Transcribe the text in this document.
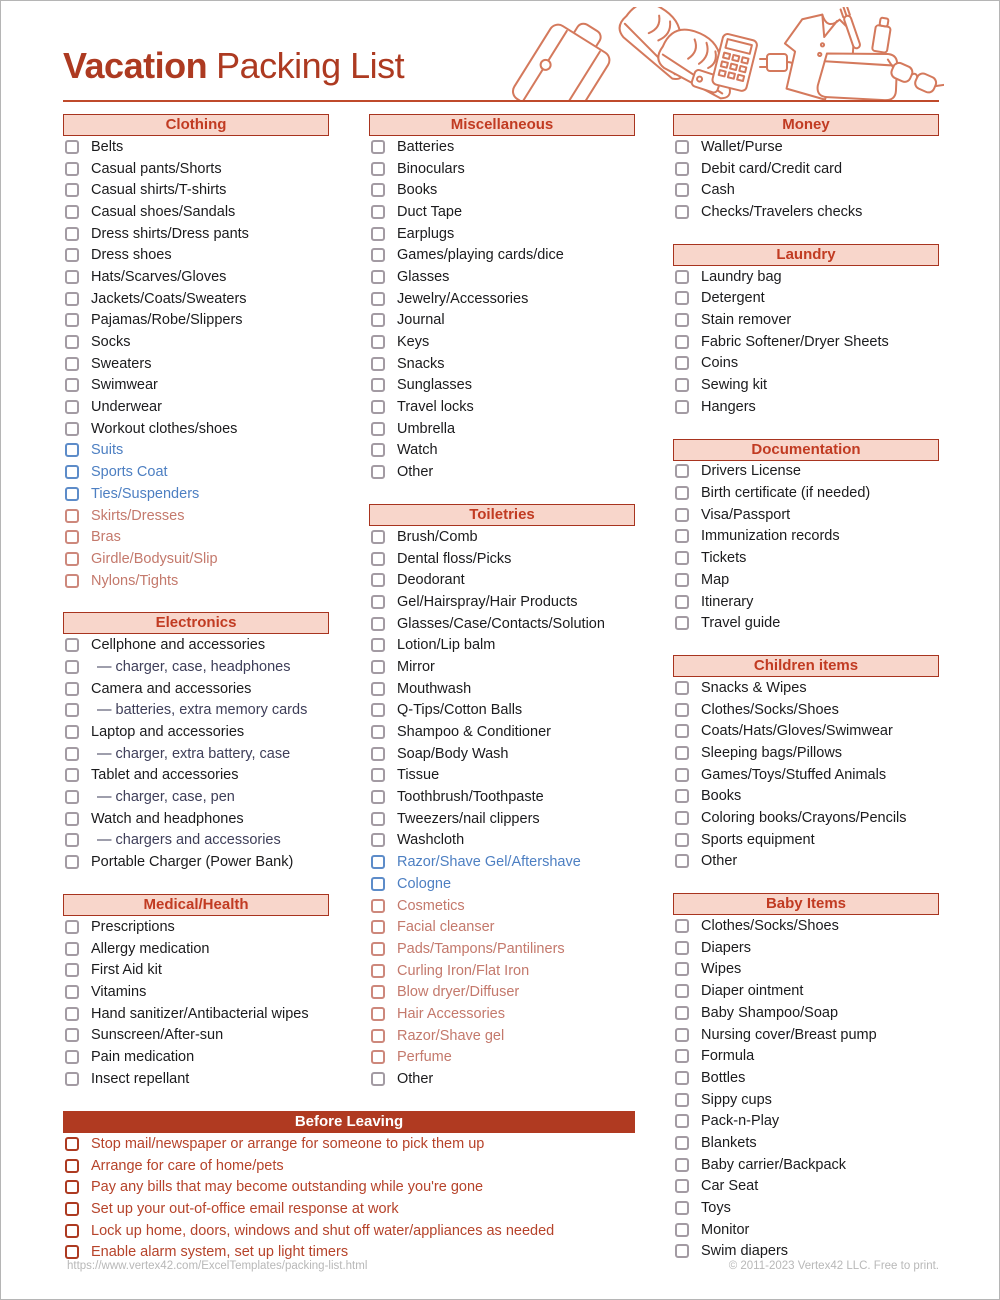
Vacation Packing List
Clothing
Belts
Casual pants/Shorts
Casual shirts/T-shirts
Casual shoes/Sandals
Dress shirts/Dress pants
Dress shoes
Hats/Scarves/Gloves
Jackets/Coats/Sweaters
Pajamas/Robe/Slippers
Socks
Sweaters
Swimwear
Underwear
Workout clothes/shoes
Suits
Sports Coat
Ties/Suspenders
Skirts/Dresses
Bras
Girdle/Bodysuit/Slip
Nylons/Tights
Electronics
Cellphone and accessories
— charger, case, headphones
Camera and accessories
— batteries, extra memory cards
Laptop and accessories
— charger, extra battery, case
Tablet and accessories
— charger, case, pen
Watch and headphones
— chargers and accessories
Portable Charger (Power Bank)
Medical/Health
Prescriptions
Allergy medication
First Aid kit
Vitamins
Hand sanitizer/Antibacterial wipes
Sunscreen/After-sun
Pain medication
Insect repellant
Miscellaneous
Batteries
Binoculars
Books
Duct Tape
Earplugs
Games/playing cards/dice
Glasses
Jewelry/Accessories
Journal
Keys
Snacks
Sunglasses
Travel locks
Umbrella
Watch
Other
Toiletries
Brush/Comb
Dental floss/Picks
Deodorant
Gel/Hairspray/Hair Products
Glasses/Case/Contacts/Solution
Lotion/Lip balm
Mirror
Mouthwash
Q-Tips/Cotton Balls
Shampoo & Conditioner
Soap/Body Wash
Tissue
Toothbrush/Toothpaste
Tweezers/nail clippers
Washcloth
Razor/Shave Gel/Aftershave
Cologne
Cosmetics
Facial cleanser
Pads/Tampons/Pantiliners
Curling Iron/Flat Iron
Blow dryer/Diffuser
Hair Accessories
Razor/Shave gel
Perfume
Other
Money
Wallet/Purse
Debit card/Credit card
Cash
Checks/Travelers checks
Laundry
Laundry bag
Detergent
Stain remover
Fabric Softener/Dryer Sheets
Coins
Sewing kit
Hangers
Documentation
Drivers License
Birth certificate (if needed)
Visa/Passport
Immunization records
Tickets
Map
Itinerary
Travel guide
Children items
Snacks & Wipes
Clothes/Socks/Shoes
Coats/Hats/Gloves/Swimwear
Sleeping bags/Pillows
Games/Toys/Stuffed Animals
Books
Coloring books/Crayons/Pencils
Sports equipment
Other
Baby Items
Clothes/Socks/Shoes
Diapers
Wipes
Diaper ointment
Baby Shampoo/Soap
Nursing cover/Breast pump
Formula
Bottles
Sippy cups
Pack-n-Play
Blankets
Baby carrier/Backpack
Car Seat
Toys
Monitor
Swim diapers
Before Leaving
Stop mail/newspaper or arrange for someone to pick them up
Arrange for care of home/pets
Pay any bills that may become outstanding while you're gone
Set up your out-of-office email response at work
Lock up home, doors, windows and shut off water/appliances as needed
Enable alarm system, set up light timers
https://www.vertex42.com/ExcelTemplates/packing-list.html	© 2011-2023 Vertex42 LLC. Free to print.
